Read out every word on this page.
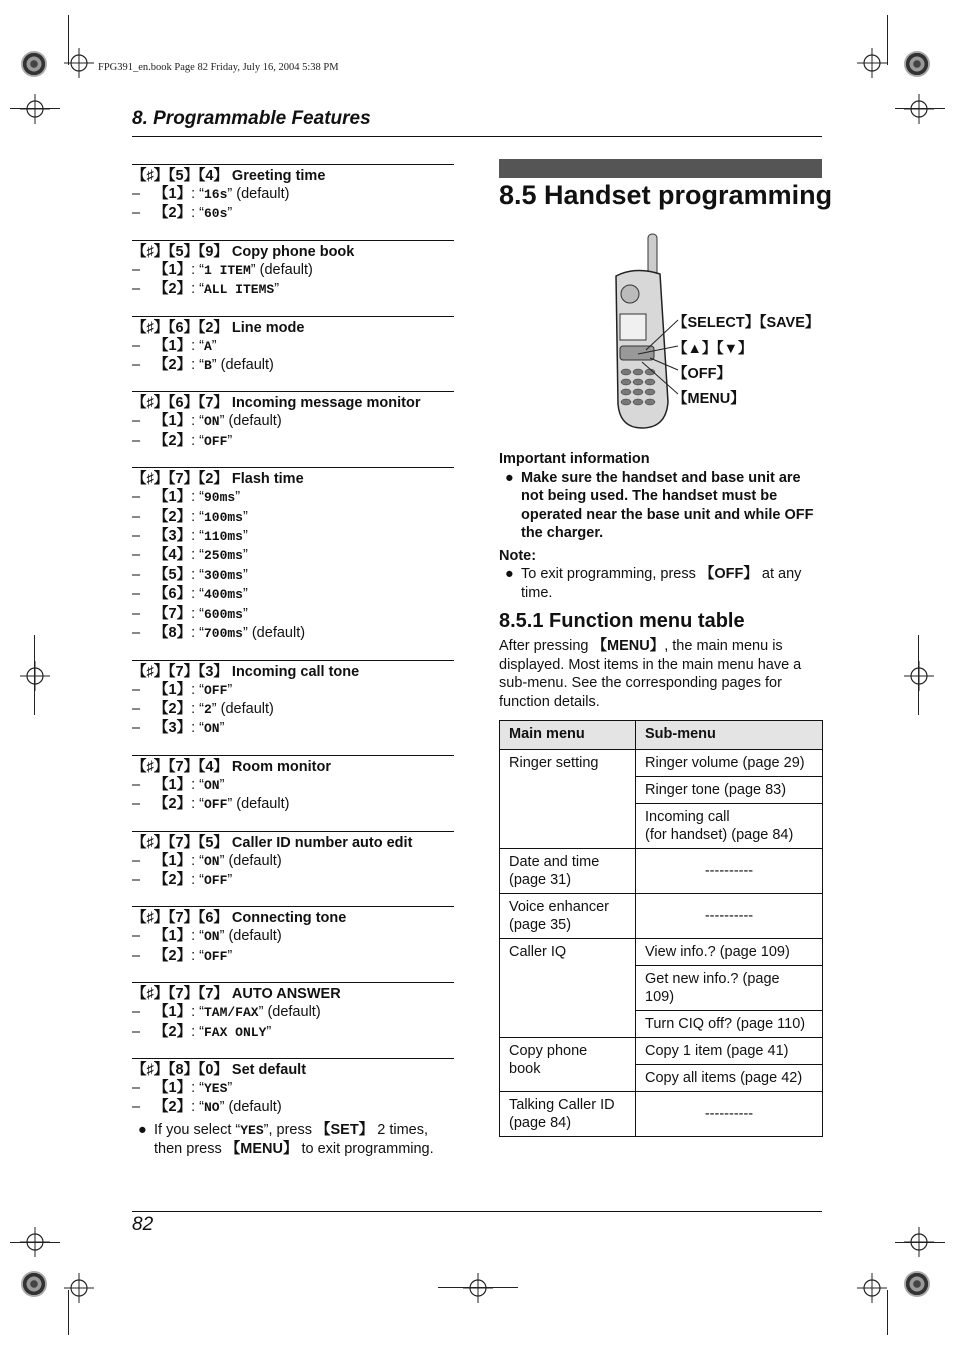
FPG391_en.book Page 82 Friday, July 16, 2004 5:38 PM
8. Programmable Features
【♯】【5】【4】 Greeting time
– 【1】: “16s” (default)
– 【2】: “60s”
【♯】【5】【9】 Copy phone book
– 【1】: “1 ITEM” (default)
– 【2】: “ALL ITEMS”
【♯】【6】【2】 Line mode
– 【1】: “A”
– 【2】: “B” (default)
【♯】【6】【7】 Incoming message monitor
– 【1】: “ON” (default)
– 【2】: “OFF”
【♯】【7】【2】 Flash time
– 【1】: “90ms”
– 【2】: “100ms”
– 【3】: “110ms”
– 【4】: “250ms”
– 【5】: “300ms”
– 【6】: “400ms”
– 【7】: “600ms”
– 【8】: “700ms” (default)
【♯】【7】【3】 Incoming call tone
– 【1】: “OFF”
– 【2】: “2” (default)
– 【3】: “ON”
【♯】【7】【4】 Room monitor
– 【1】: “ON”
– 【2】: “OFF” (default)
【♯】【7】【5】 Caller ID number auto edit
– 【1】: “ON” (default)
– 【2】: “OFF”
【♯】【7】【6】 Connecting tone
– 【1】: “ON” (default)
– 【2】: “OFF”
【♯】【7】【7】 AUTO ANSWER
– 【1】: “TAM/FAX” (default)
– 【2】: “FAX ONLY”
【♯】【8】【0】 Set default
– 【1】: “YES”
– 【2】: “NO” (default)
● If you select “YES”, press 【SET】 2 times, then press 【MENU】 to exit programming.
8.5 Handset programming
【SELECT】【SAVE】
【▲】【▼】
【OFF】
【MENU】
Important information
● Make sure the handset and base unit are not being used. The handset must be operated near the base unit and while OFF the charger.
Note:
● To exit programming, press 【OFF】 at any time.
8.5.1 Function menu table
After pressing 【MENU】, the main menu is displayed. Most items in the main menu have a sub-menu. See the corresponding pages for function details.
Main menu	Sub-menu
Ringer setting	Ringer volume (page 29)
	Ringer tone (page 83)
	Incoming call
(for handset) (page 84)
Date and time
(page 31)	----------
Voice enhancer
(page 35)	----------
Caller IQ	View info.? (page 109)
	Get new info.? (page
109)
	Turn CIQ off? (page 110)
Copy phone
book	Copy 1 item (page 41)
	Copy all items (page 42)
Talking Caller ID
(page 84)	----------
82
